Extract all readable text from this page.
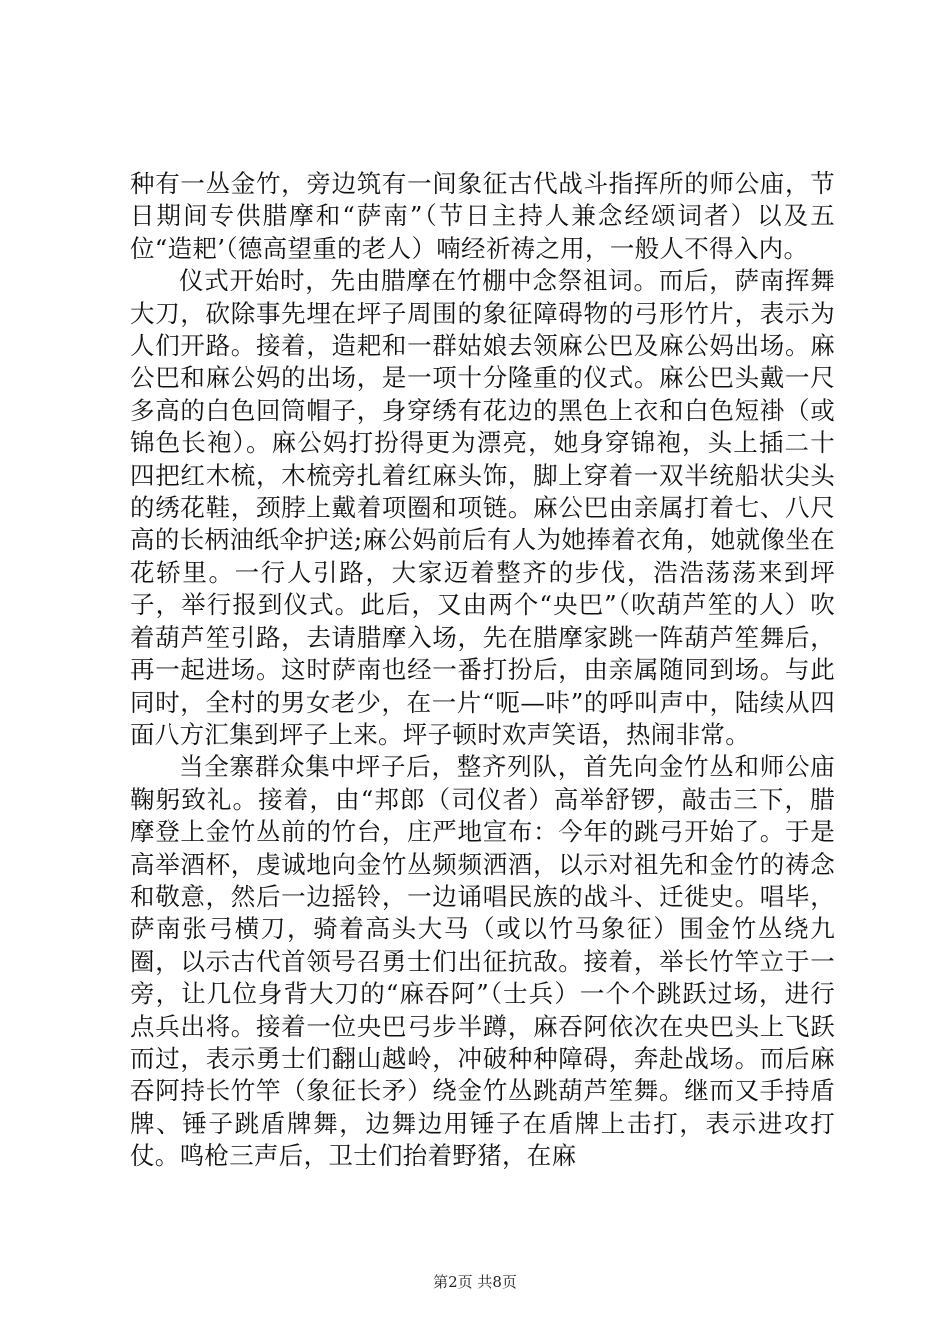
种有一丛金竹，旁边筑有一间象征古代战斗指挥所的师公庙，节日期间专供腊摩和“萨南”（节日主持人兼念经颂词者）以及五位“造耙’（德高望重的老人）喃经祈祷之用，一般人不得入内。

仪式开始时，先由腊摩在竹棚中念祭祖词。而后，萨南挥舞大刀，砍除事先埋在坪子周围的象征障碍物的弓形竹片，表示为人们开路。接着，造耙和一群姑娘去领麻公巴及麻公妈出场。麻公巴和麻公妈的出场，是一项十分隆重的仪式。麻公巴头戴一尺多高的白色回筒帽子，身穿绣有花边的黑色上衣和白色短褂（或锦色长袍）。麻公妈打扮得更为漂亮，她身穿锦袍，头上插二十四把红木梳，木梳旁扎着红麻头饰，脚上穿着一双半统船状尖头的绣花鞋，颈脖上戴着项圈和项链。麻公巴由亲属打着七、八尺高的长柄油纸伞护送;麻公妈前后有人为她捧着衣角，她就像坐在花轿里。一行人引路，大家迈着整齐的步伐，浩浩荡荡来到坪子，举行报到仪式。此后，又由两个“央巴”（吹葫芦笙的人）吹着葫芦笙引路，去请腊摩入场，先在腊摩家跳一阵葫芦笙舞后，再一起进场。这时萨南也经一番打扮后，由亲属随同到场。与此同时，全村的男女老少，在一片“呃—咔”的呼叫声中，陆续从四面八方汇集到坪子上来。坪子顿时欢声笑语，热闹非常。

当全寨群众集中坪子后，整齐列队，首先向金竹丛和师公庙鞠躬致礼。接着，由“邦郎（司仪者）高举舒锣，敲击三下，腊摩登上金竹丛前的竹台，庄严地宣布：今年的跳弓开始了。于是高举酒杯，虔诚地向金竹丛频频洒酒，以示对祖先和金竹的祷念和敬意，然后一边摇铃，一边诵唱民族的战斗、迁徙史。唱毕，萨南张弓横刀，骑着高头大马（或以竹马象征）围金竹丛绕九圈，以示古代首领号召勇士们出征抗敌。接着，举长竹竿立于一旁，让几位身背大刀的“麻吞阿”（士兵）一个个跳跃过场，进行点兵出将。接着一位央巴弓步半蹲，麻吞阿依次在央巴头上飞跃而过，表示勇士们翻山越岭，冲破种种障碍，奔赴战场。而后麻吞阿持长竹竿（象征长矛）绕金竹丛跳葫芦笙舞。继而又手持盾牌、锤子跳盾牌舞，边舞边用锤子在盾牌上击打，表示进攻打仗。鸣枪三声后，卫士们抬着野猪，在麻

第2页 共8页
